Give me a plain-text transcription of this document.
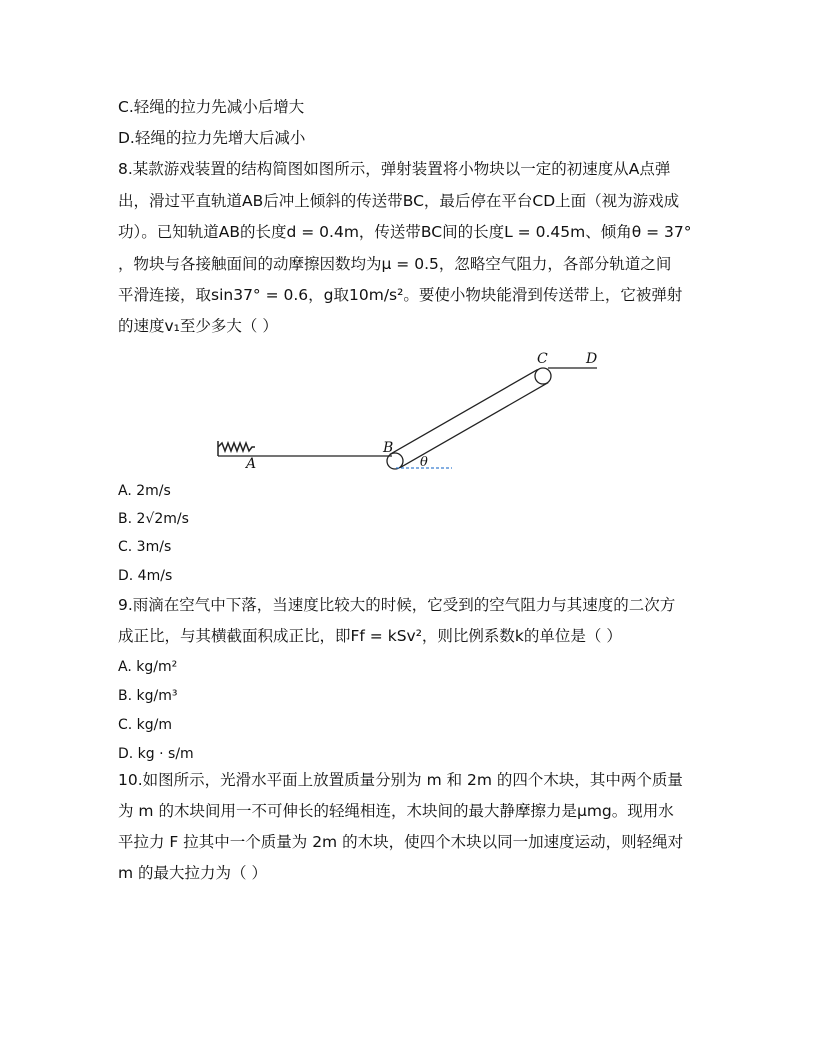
C.轻绳的拉力先减小后增大
D.轻绳的拉力先增大后减小
8.某款游戏装置的结构简图如图所示，弹射装置将小物块以一定的初速度从A点弹
出，滑过平直轨道AB后冲上倾斜的传送带BC，最后停在平台CD上面（视为游戏成
功）。已知轨道AB的长度d = 0.4m，传送带BC间的长度L = 0.45m、倾角θ = 37°
，物块与各接触面间的动摩擦因数均为μ = 0.5，忽略空气阻力，各部分轨道之间
平滑连接，取sin37° = 0.6，g取10m/s²。要使小物块能滑到传送带上，它被弹射
的速度v₁至少多大（ ）
A
B
C	D
θ
A. 2m/s
B. 2√2m/s
C. 3m/s
D. 4m/s
9.雨滴在空气中下落，当速度比较大的时候，它受到的空气阻力与其速度的二次方
成正比，与其横截面积成正比，即Ff = kSv²，则比例系数k的单位是（ ）
A. kg/m²
B. kg/m³
C. kg/m
D. kg · s/m
10.如图所示，光滑水平面上放置质量分别为 m 和 2m 的四个木块，其中两个质量
为 m 的木块间用一不可伸长的轻绳相连，木块间的最大静摩擦力是μmg。现用水
平拉力 F 拉其中一个质量为 2m 的木块，使四个木块以同一加速度运动，则轻绳对
m 的最大拉力为（ ）
